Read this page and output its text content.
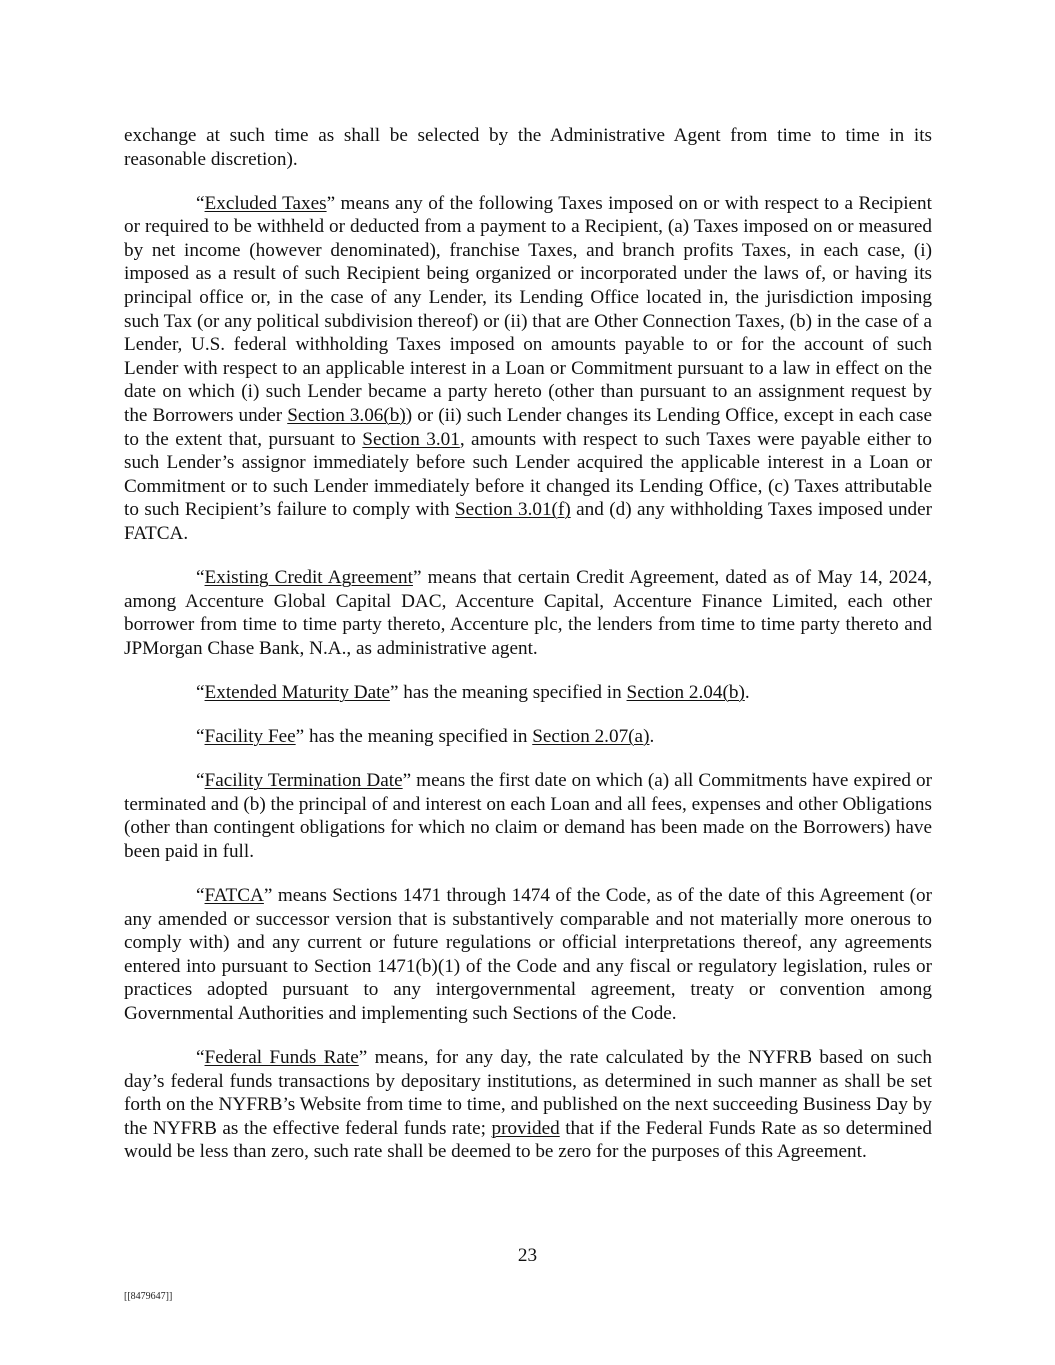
exchange at such time as shall be selected by the Administrative Agent from time to time in its reasonable discretion).

“Excluded Taxes” means any of the following Taxes imposed on or with respect to a Recipient or required to be withheld or deducted from a payment to a Recipient, (a) Taxes imposed on or measured by net income (however denominated), franchise Taxes, and branch profits Taxes, in each case, (i) imposed as a result of such Recipient being organized or incorporated under the laws of, or having its principal office or, in the case of any Lender, its Lending Office located in, the jurisdiction imposing such Tax (or any political subdivision thereof) or (ii) that are Other Connection Taxes, (b) in the case of a Lender, U.S. federal withholding Taxes imposed on amounts payable to or for the account of such Lender with respect to an applicable interest in a Loan or Commitment pursuant to a law in effect on the date on which (i) such Lender became a party hereto (other than pursuant to an assignment request by the Borrowers under Section 3.06(b)) or (ii) such Lender changes its Lending Office, except in each case to the extent that, pursuant to Section 3.01, amounts with respect to such Taxes were payable either to such Lender’s assignor immediately before such Lender acquired the applicable interest in a Loan or Commitment or to such Lender immediately before it changed its Lending Office, (c) Taxes attributable to such Recipient’s failure to comply with Section 3.01(f) and (d) any withholding Taxes imposed under FATCA.

“Existing Credit Agreement” means that certain Credit Agreement, dated as of May 14, 2024, among Accenture Global Capital DAC, Accenture Capital, Accenture Finance Limited, each other borrower from time to time party thereto, Accenture plc, the lenders from time to time party thereto and JPMorgan Chase Bank, N.A., as administrative agent.

“Extended Maturity Date” has the meaning specified in Section 2.04(b).

“Facility Fee” has the meaning specified in Section 2.07(a).

“Facility Termination Date” means the first date on which (a) all Commitments have expired or terminated and (b) the principal of and interest on each Loan and all fees, expenses and other Obligations (other than contingent obligations for which no claim or demand has been made on the Borrowers) have been paid in full.

“FATCA” means Sections 1471 through 1474 of the Code, as of the date of this Agreement (or any amended or successor version that is substantively comparable and not materially more onerous to comply with) and any current or future regulations or official interpretations thereof, any agreements entered into pursuant to Section 1471(b)(1) of the Code and any fiscal or regulatory legislation, rules or practices adopted pursuant to any intergovernmental agreement, treaty or convention among Governmental Authorities and implementing such Sections of the Code.

“Federal Funds Rate” means, for any day, the rate calculated by the NYFRB based on such day’s federal funds transactions by depositary institutions, as determined in such manner as shall be set forth on the NYFRB’s Website from time to time, and published on the next succeeding Business Day by the NYFRB as the effective federal funds rate; provided that if the Federal Funds Rate as so determined would be less than zero, such rate shall be deemed to be zero for the purposes of this Agreement.

23
[[8479647]]
